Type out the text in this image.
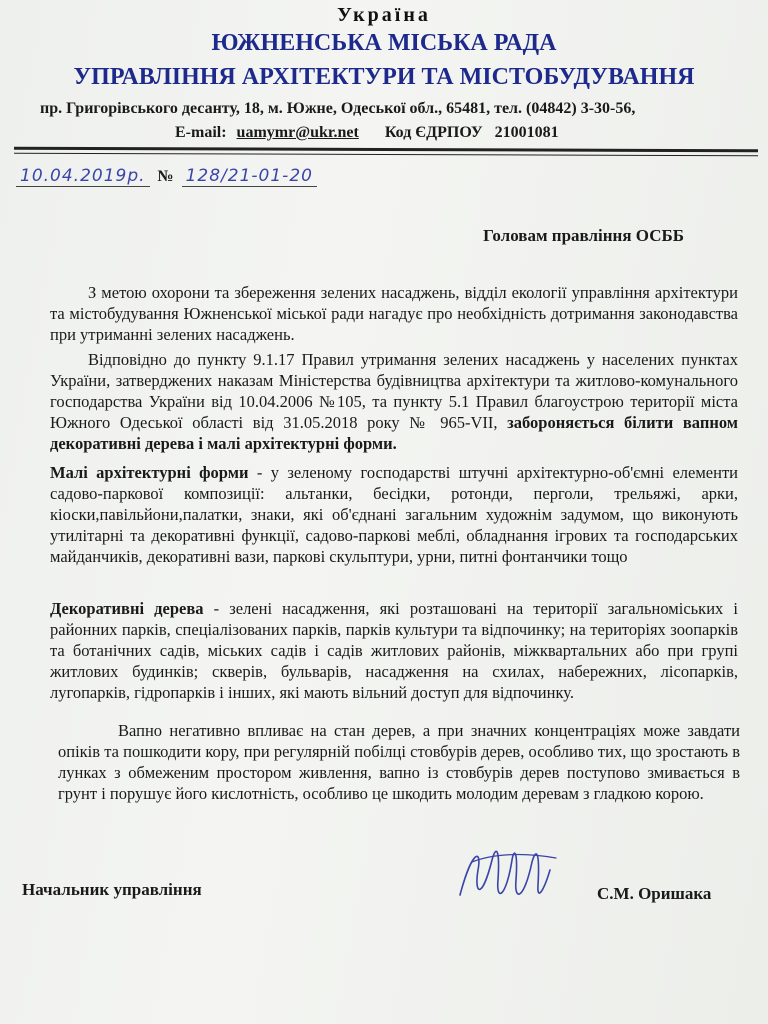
Україна
ЮЖНЕНСЬКА МІСЬКА РАДА
УПРАВЛІННЯ АРХІТЕКТУРИ ТА МІСТОБУДУВАННЯ
пр. Григорівського десанту, 18, м. Южне, Одеської обл., 65481, тел. (04842) 3-30-56,
E-mail: uamymr@ukr.net Код ЄДРПОУ 21001081
10.04.2019р. № 128/21-01-20
Головам правління ОСББ
З метою охорони та збереження зелених насаджень, відділ екології управління архітектури та містобудування Южненської міської ради нагадує про необхідність дотримання законодавства при утриманні зелених насаджень.
Відповідно до пункту 9.1.17 Правил утримання зелених насаджень у населених пунктах України, затверджених наказам Міністерства будівництва архітектури та житлово-комунального господарства України від 10.04.2006 №105, та пункту 5.1 Правил благоустрою території міста Южного Одеської області від 31.05.2018 року № 965-VII, забороняється білити вапном декоративні дерева і малі архітектурні форми.
Малі архітектурні форми - у зеленому господарстві штучні архітектурно-об'ємні елементи садово-паркової композиції: альтанки, бесідки, ротонди, перголи, трельяжі, арки, кіоски,павільйони,палатки, знаки, які об'єднані загальним художнім задумом, що виконують утилітарні та декоративні функції, садово-паркові меблі, обладнання ігрових та господарських майданчиків, декоративні вази, паркові скульптури, урни, питні фонтанчики тощо
Декоративні дерева - зелені насадження, які розташовані на території загальноміських і районних парків, спеціалізованих парків, парків культури та відпочинку; на територіях зоопарків та ботанічних садів, міських садів і садів житлових районів, міжквартальних або при групі житлових будинків; скверів, бульварів, насадження на схилах, набережних, лісопарків, лугопарків, гідропарків і інших, які мають вільний доступ для відпочинку.
Вапно негативно впливає на стан дерев, а при значних концентраціях може завдати опіків та пошкодити кору, при регулярній побілці стовбурів дерев, особливо тих, що зростають в лунках з обмеженим простором живлення, вапно із стовбурів дерев поступово змивається в грунт і порушує його кислотність, особливо це шкодить молодим деревам з гладкою корою.
Начальник управління	С.М. Оришака
